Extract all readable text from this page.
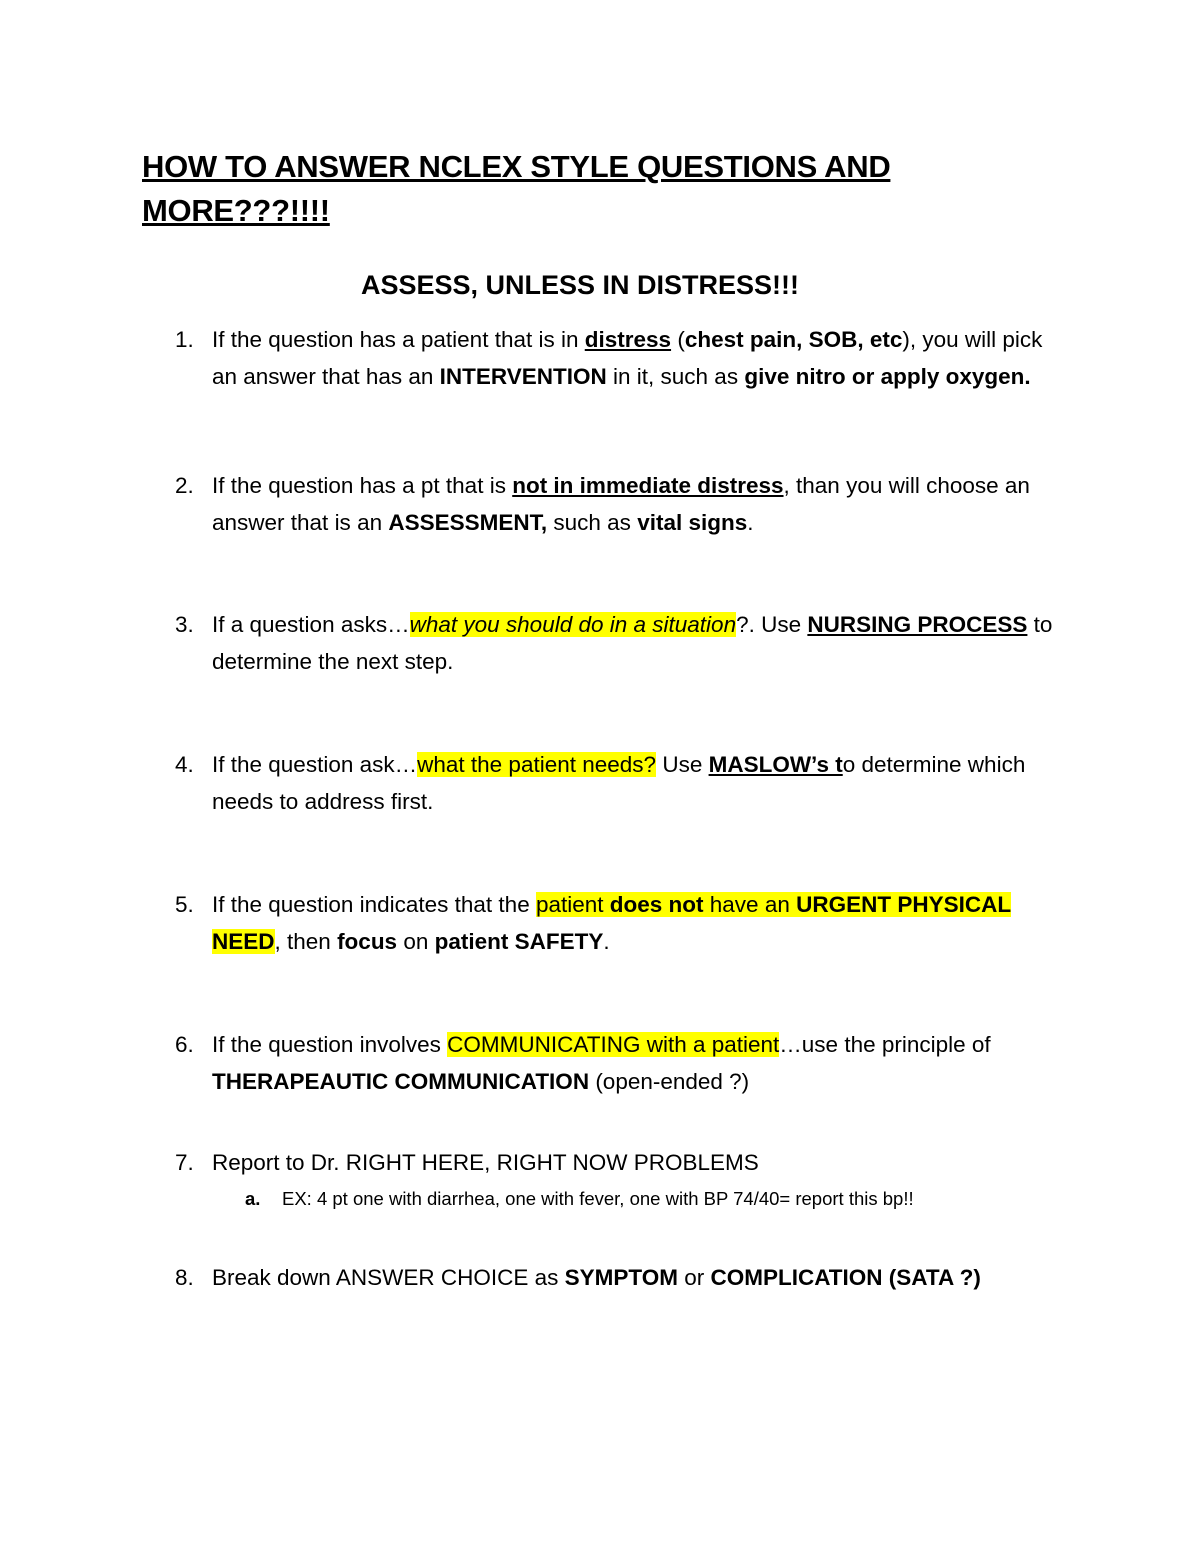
HOW TO ANSWER NCLEX STYLE QUESTIONS AND MORE???!!!!
ASSESS, UNLESS IN DISTRESS!!!
1. If the question has a patient that is in distress (chest pain, SOB, etc), you will pick an answer that has an INTERVENTION in it, such as give nitro or apply oxygen.
2. If the question has a pt that is not in immediate distress, than you will choose an answer that is an ASSESSMENT, such as vital signs.
3. If a question asks…what you should do in a situation?. Use NURSING PROCESS to determine the next step.
4. If the question ask…what the patient needs? Use MASLOW’s to determine which needs to address first.
5. If the question indicates that the patient does not have an URGENT PHYSICAL NEED, then focus on patient SAFETY.
6. If the question involves COMMUNICATING with a patient…use the principle of THERAPEAUTIC COMMUNICATION (open-ended ?)
7. Report to Dr. RIGHT HERE, RIGHT NOW PROBLEMS
a. EX: 4 pt one with diarrhea, one with fever, one with BP 74/40= report this bp!!
8. Break down ANSWER CHOICE as SYMPTOM or COMPLICATION (SATA ?)
